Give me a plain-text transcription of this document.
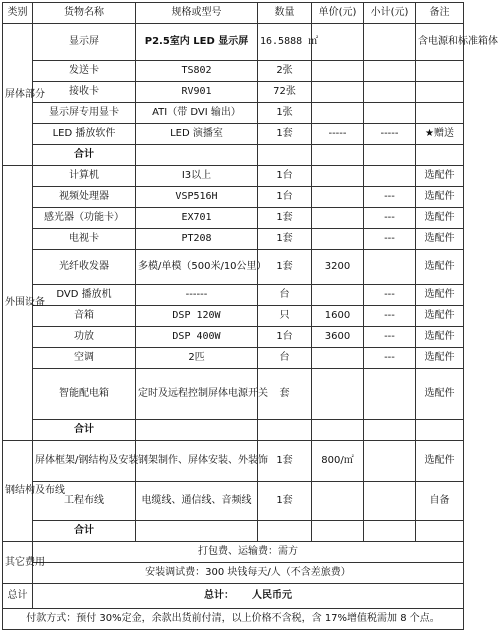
类别	货物名称	规格或型号	数量	单价(元)	小计(元)	备注
屏体部分	显示屏	P2.5室内 LED 显示屏	16.5888 ㎡			含电源和标准箱体
	发送卡	TS802	2张			
	接收卡	RV901	72张			
	显示屏专用显卡	ATI（带 DVI 输出）	1张			
	LED 播放软件	LED 演播室	1套	-----	-----	★赠送
	合计					
外围设备	计算机	I3以上	1台			选配件
	视频处理器	VSP516H	1台		---	选配件
	感光器（功能卡）	EX701	1套		---	选配件
	电视卡	PT208	1套		---	选配件
	光纤收发器	多模/单模（500米/10公里）	1套	3200		选配件
	DVD 播放机	------	台		---	选配件
	音箱	DSP 120W	只	1600	---	选配件
	功放	DSP 400W	1台	3600	---	选配件
	空调	2匹	台		---	选配件
	智能配电箱	定时及远程控制屏体电源开关	套			选配件
	合计					
钢结构及布线	屏体框架/钢结构及安装	钢架制作、屏体安装、外装饰	1套	800/㎡		选配件
	工程布线	电缆线、通信线、音频线	1套			自备
	合计					
其它费用	打包费、运输费：需方					
	安装调试费：300 块钱每天/人（不含差旅费）					
总计	总计： 人民币元					
付款方式：预付 30%定金，余款出货前付清，以上价格不含税，含 17%增值税需加 8 个点。						
